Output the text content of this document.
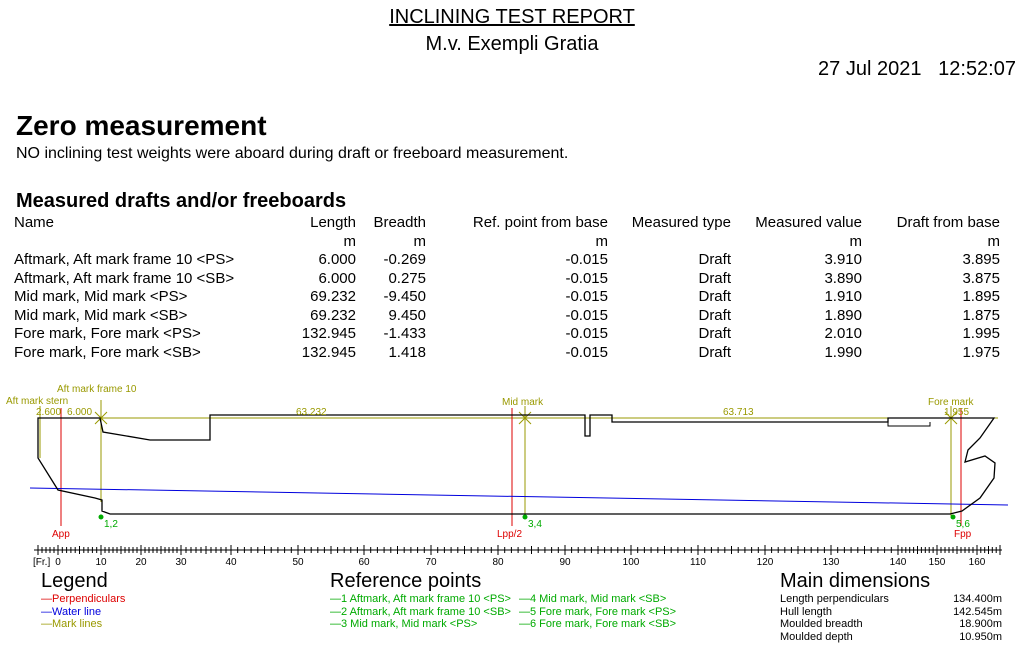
INCLINING TEST REPORT
M.v. Exempli Gratia
27 Jul 2021   12:52:07
Zero measurement
NO inclining test weights were aboard during draft or freeboard measurement.
Measured drafts and/or freeboards
Name	Length	Breadth	Ref. point from base	Measured type	Measured value	Draft from base
	m	m	m		m	m
Aftmark, Aft mark frame 10 <PS>	6.000	-0.269	-0.015	Draft	3.910	3.895
Aftmark, Aft mark frame 10 <SB>	6.000	0.275	-0.015	Draft	3.890	3.875
Mid mark, Mid mark <PS>	69.232	-9.450	-0.015	Draft	1.910	1.895
Mid mark, Mid mark <SB>	69.232	9.450	-0.015	Draft	1.890	1.875
Fore mark, Fore mark <PS>	132.945	-1.433	-0.015	Draft	2.010	1.995
Fore mark, Fore mark <SB>	132.945	1.418	-0.015	Draft	1.990	1.975
Aft mark frame 10
Aft mark stern
2.600 6.000	63.232
Mid mark
63.713
Fore mark
1.955
App	Lpp/2	Fpp
1,2	3,4	5,6
[Fr.] 0	10	20	30	40	50	60	70	80	90	100	110	120	130	140 150 160
Legend
—Perpendiculars
—Water line
—Mark lines
Reference points
—1 Aftmark, Aft mark frame 10 <PS>
—2 Aftmark, Aft mark frame 10 <SB>
—3 Mid mark, Mid mark <PS>
—4 Mid mark, Mid mark <SB>
—5 Fore mark, Fore mark <PS>
—6 Fore mark, Fore mark <SB>
Main dimensions
Length perpendiculars	134.400m
Hull length	142.545m
Moulded breadth	18.900m
Moulded depth	10.950m
